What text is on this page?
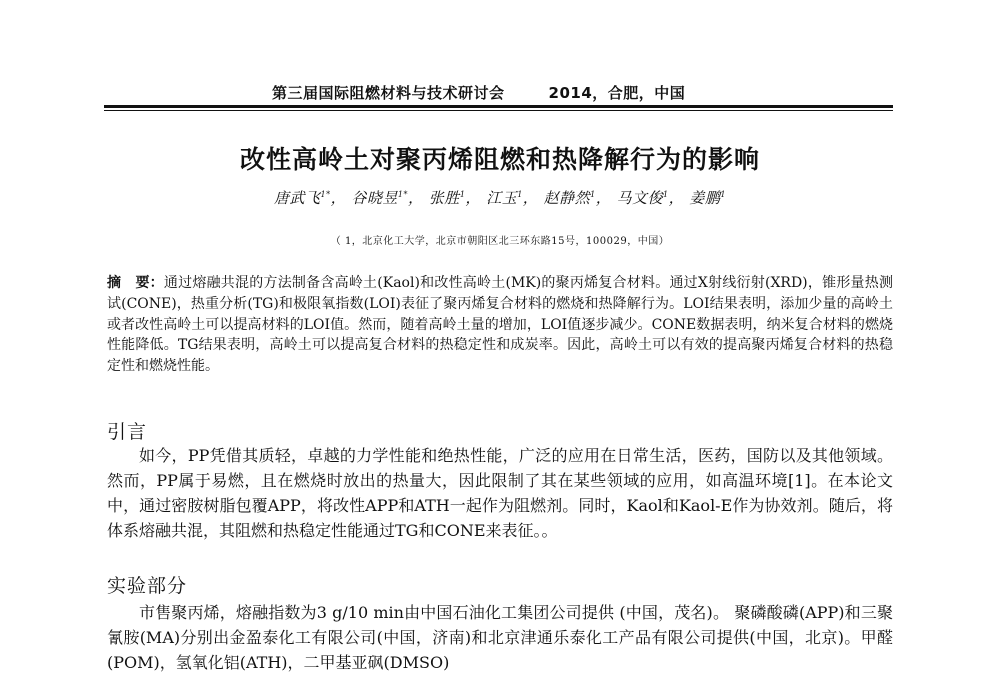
第三届国际阻燃材料与技术研讨会	2014，合肥，中国
改性高岭土对聚丙烯阻燃和热降解行为的影响
唐武飞$^{1*}$， 谷晓昱$^{1*}$， 张胜$^1$， 江玉$^1$， 赵静然$^1$， 马文俊$^1$， 姜鹏$^1$
（ 1，北京化工大学，北京市朝阳区北三环东路15号，100029，中国）
摘　要：通过熔融共混的方法制备含高岭土(Kaol)和改性高岭土(MK)的聚丙烯复合材料。通过X射线衍射(XRD)，锥形量热测试(CONE)，热重分析(TG)和极限氧指数(LOI)表征了聚丙烯复合材料的燃烧和热降解行为。LOI结果表明，添加少量的高岭土或者改性高岭土可以提高材料的LOI值。然而，随着高岭土量的增加，LOI值逐步减少。CONE数据表明，纳米复合材料的燃烧性能降低。TG结果表明，高岭土可以提高复合材料的热稳定性和成炭率。因此，高岭土可以有效的提高聚丙烯复合材料的热稳定性和燃烧性能。
引言
如今，PP凭借其质轻，卓越的力学性能和绝热性能，广泛的应用在日常生活，医药，国防以及其他领域。然而，PP属于易燃，且在燃烧时放出的热量大，因此限制了其在某些领域的应用，如高温环境[1]。在本论文中，通过密胺树脂包覆APP，将改性APP和ATH一起作为阻燃剂。同时，Kaol和Kaol-E作为协效剂。随后，将体系熔融共混，其阻燃和热稳定性能通过TG和CONE来表征。。
实验部分
市售聚丙烯，熔融指数为3 g/10 min由中国石油化工集团公司提供 (中国，茂名)。 聚磷酸磷(APP)和三聚氰胺(MA)分别出金盈泰化工有限公司(中国，济南)和北京津通乐泰化工产品有限公司提供(中国，北京)。甲醛(POM)，氢氧化铝(ATH)，二甲基亚砜(DMSO)
